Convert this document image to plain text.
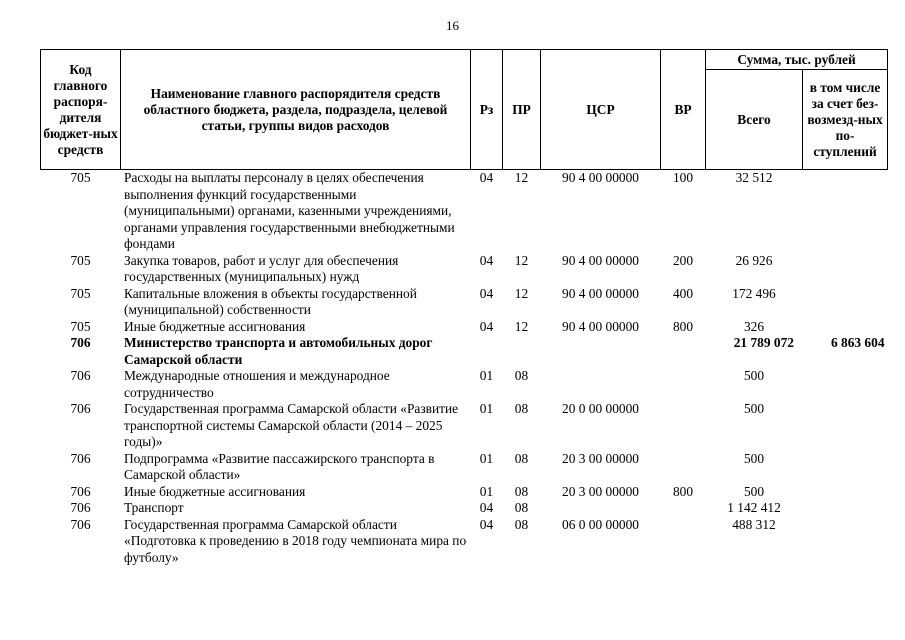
16
Код главного распоря-дителя бюджет-ных средств	Наименование главного распорядителя средств областного бюджета, раздела, подраздела, целевой статьи, группы видов расходов	Рз	ПР	ЦСР	ВР	Сумма, тыс. рублей	
						Всего	в том числе за счет без-возмезд-ных по-ступлений
705	Расходы на выплаты персоналу в целях обеспечения выполнения функций государственными (муниципальными) органами, казенными учреждениями, органами управления государственными внебюджетными фондами	04	12	90 4 00 00000	100	32 512	
705	Закупка товаров, работ и услуг для обеспечения государственных (муниципальных) нужд	04	12	90 4 00 00000	200	26 926	
705	Капитальные вложения в объекты государственной (муниципальной) собственности	04	12	90 4 00 00000	400	172 496	
705	Иные бюджетные ассигнования	04	12	90 4 00 00000	800	326	
706	Министерство транспорта и автомобильных дорог Самарской области					21 789 072	6 863 604
706	Международные отношения и международное сотрудничество	01	08			500	
706	Государственная программа Самарской области «Развитие транспортной системы Самарской области (2014 – 2025 годы)»	01	08	20 0 00 00000		500	
706	Подпрограмма «Развитие пассажирского транспорта в Самарской области»	01	08	20 3 00 00000		500	
706	Иные бюджетные ассигнования	01	08	20 3 00 00000	800	500	
706	Транспорт	04	08			1 142 412	
706	Государственная программа Самарской области «Подготовка к проведению в 2018 году чемпионата мира по футболу»	04	08	06 0 00 00000		488 312	
